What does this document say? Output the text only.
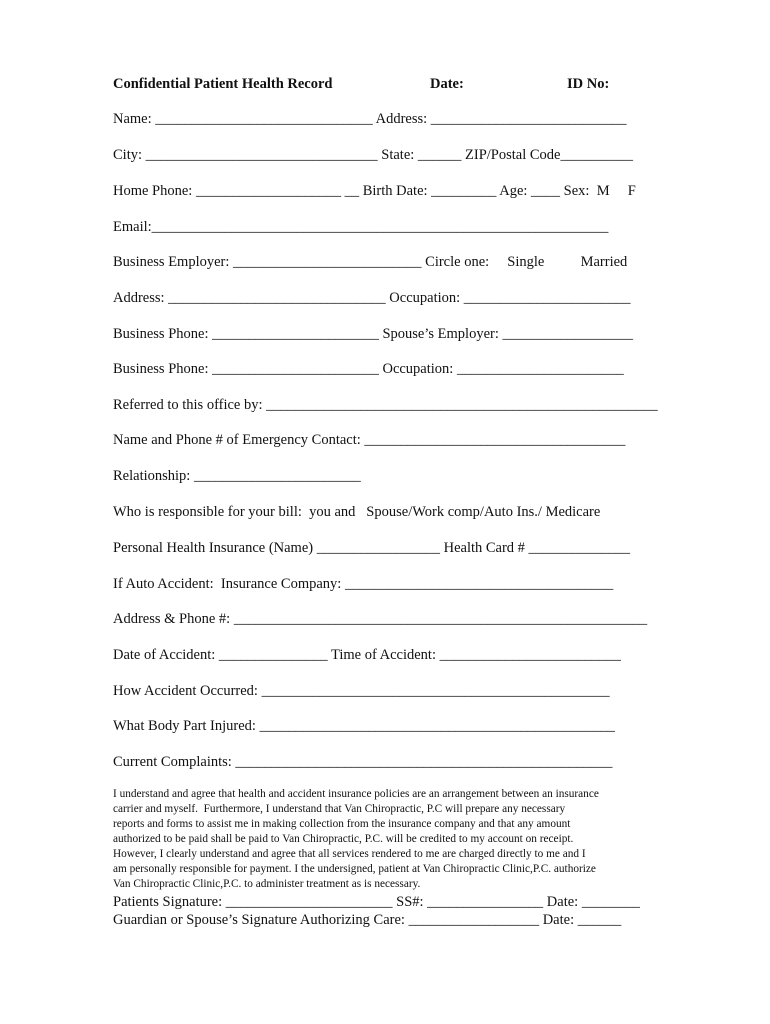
Confidential Patient Health Record	Date:	ID No:
Name: ______________________________ Address: ___________________________
City: ________________________________ State: ______ ZIP/Postal Code__________
Home Phone: ____________________ __ Birth Date: _________ Age: ____ Sex:  M     F
Email:_______________________________________________________________
Business Employer: __________________________ Circle one:     Single          Married
Address: ______________________________ Occupation: _______________________
Business Phone: _______________________ Spouse’s Employer: __________________
Business Phone: _______________________ Occupation: _______________________
Referred to this office by: ______________________________________________________
Name and Phone # of Emergency Contact: ____________________________________
Relationship: _______________________
Who is responsible for your bill:  you and   Spouse/Work comp/Auto Ins./ Medicare
Personal Health Insurance (Name) _________________ Health Card # ______________
If Auto Accident:  Insurance Company: _____________________________________
Address & Phone #: _________________________________________________________
Date of Accident: _______________ Time of Accident: _________________________
How Accident Occurred: ________________________________________________
What Body Part Injured: _________________________________________________
Current Complaints: ____________________________________________________
I understand and agree that health and accident insurance policies are an arrangement between an insurance
carrier and myself.  Furthermore, I understand that Van Chiropractic, P.C will prepare any necessary
reports and forms to assist me in making collection from the insurance company and that any amount
authorized to be paid shall be paid to Van Chiropractic, P.C. will be credited to my account on receipt.
However, I clearly understand and agree that all services rendered to me are charged directly to me and I
am personally responsible for payment. I the undersigned, patient at Van Chiropractic Clinic,P.C. authorize
Van Chiropractic Clinic,P.C. to administer treatment as is necessary.
Patients Signature: _______________________ SS#: ________________ Date: ________
Guardian or Spouse’s Signature Authorizing Care: __________________ Date: ______
